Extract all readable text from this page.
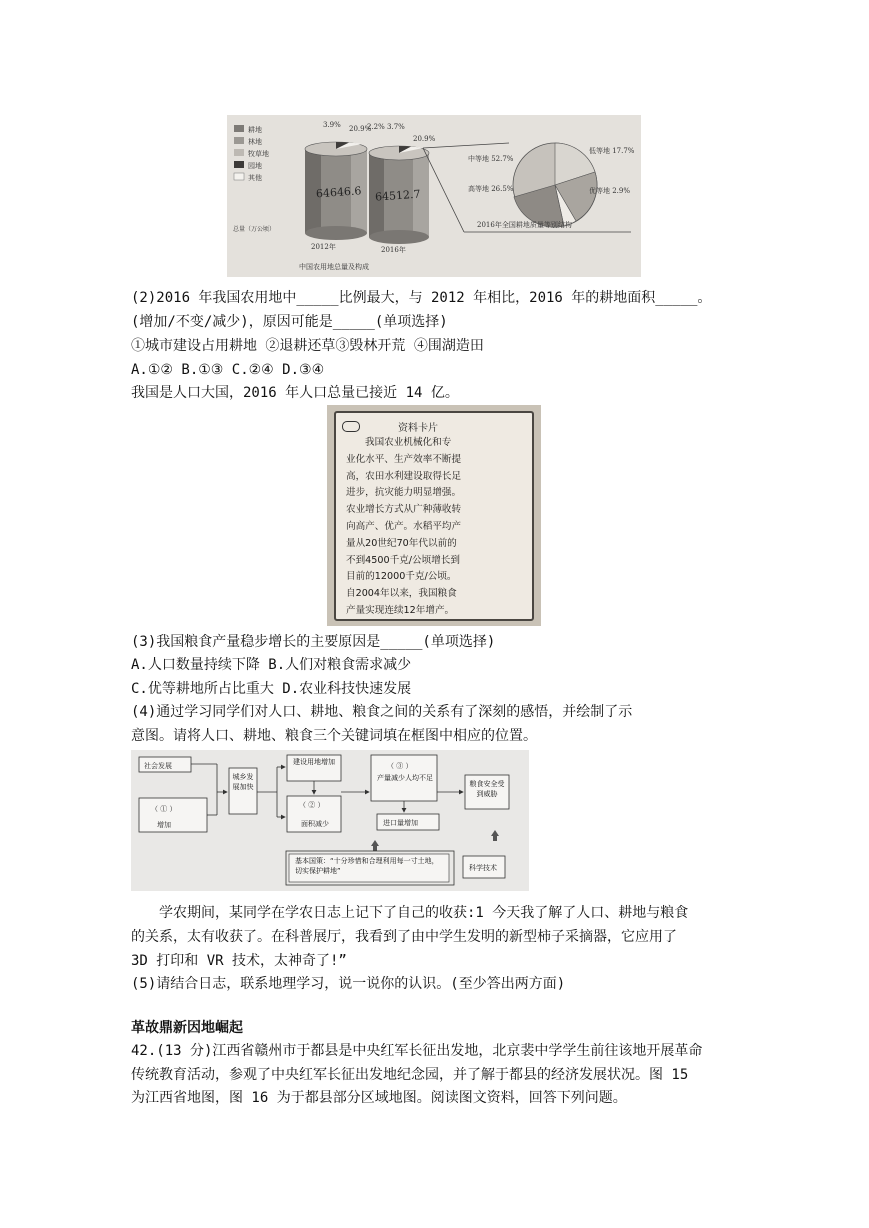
耕地
林地
牧草地
园地
其他
3.9% 20.9%
64646.6
2.2% 3.7%
20.9%
64512.7
总量（万公顷）
2012年	2016年
中等地 52.7%
高等地 26.5%
低等地 17.7%
优等地 2.9%
2016年全国耕地质量等别结构
中国农用地总量及构成
(2)2016 年我国农用地中_____比例最大，与 2012 年相比，2016 年的耕地面积_____。
(增加/不变/减少)，原因可能是_____(单项选择)
①城市建设占用耕地 ②退耕还草③毁林开荒 ④围湖造田
A.①② B.①③ C.②④ D.③④
我国是人口大国，2016 年人口总量已接近 14 亿。
资料卡片
我国农业机械化和专
业化水平、生产效率不断提
高，农田水利建设取得长足
进步，抗灾能力明显增强。
农业增长方式从广种薄收转
向高产、优产。水稻平均产
量从20世纪70年代以前的
不到4500千克/公顷增长到
目前的12000千克/公顷。
自2004年以来，我国粮食
产量实现连续12年增产。
(3)我国粮食产量稳步增长的主要原因是_____(单项选择)
A.人口数量持续下降 B.人们对粮食需求减少
C.优等耕地所占比重大 D.农业科技快速发展
(4)通过学习同学们对人口、耕地、粮食之间的关系有了深刻的感悟，并绘制了示
意图。请将人口、耕地、粮食三个关键词填在框图中相应的位置。
社会发展
（ ① ）
增加
城乡发展加快
建设用地增加
（ ② ）
面积减少
（ ③ ）
产量减少人均不足
进口量增加
粮食安全受到威胁
基本国策：“十分珍惜和合理利用每一寸土地，切实保护耕地”	科学技术
学农期间，某同学在学农日志上记下了自己的收获:1 今天我了解了人口、耕地与粮食
的关系，太有收获了。在科普展厅，我看到了由中学生发明的新型柿子采摘器，它应用了
3D 打印和 VR 技术，太神奇了!”
(5)请结合日志，联系地理学习，说一说你的认识。(至少答出两方面)
革故鼎新因地崛起
42.(13 分)江西省赣州市于都县是中央红军长征出发地，北京裴中学学生前往该地开展革命
传统教育活动，参观了中央红军长征出发地纪念园，并了解于都县的经济发展状况。图 15
为江西省地图，图 16 为于都县部分区域地图。阅读图文资料，回答下列问题。
